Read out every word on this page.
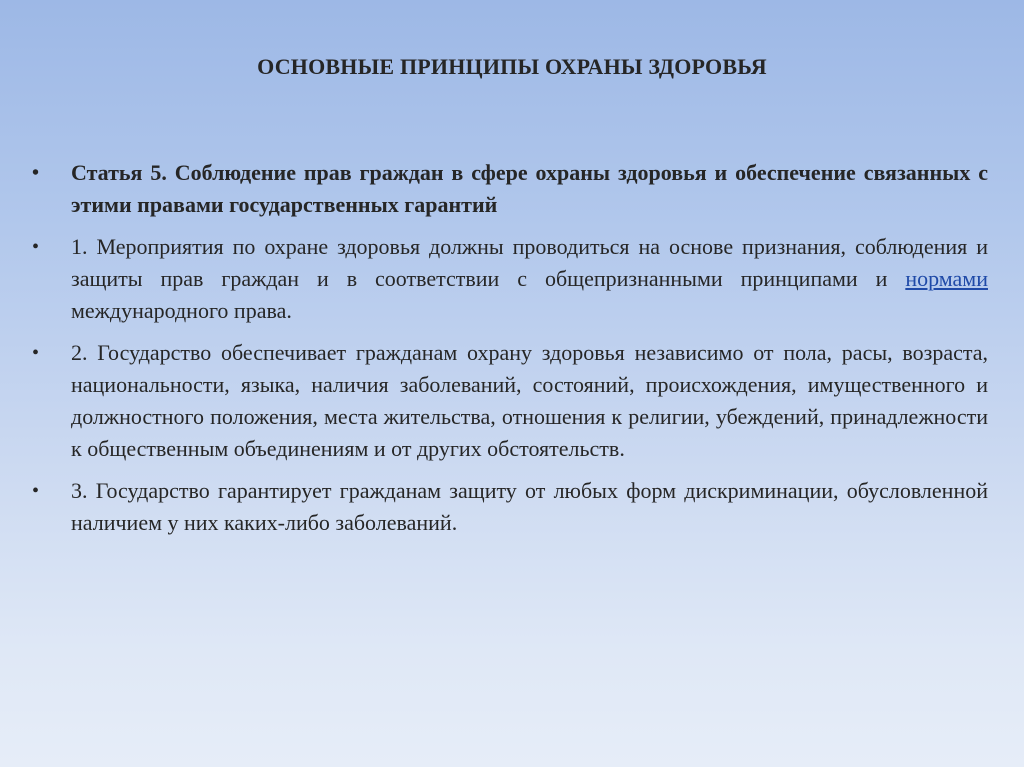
ОСНОВНЫЕ ПРИНЦИПЫ ОХРАНЫ ЗДОРОВЬЯ
•	Статья 5. Соблюдение прав граждан в сфере охраны здоровья и обеспечение связанных с этими правами государственных гарантий
•	1. Мероприятия по охране здоровья должны проводиться на основе признания, соблюдения и защиты прав граждан и в соответствии с общепризнанными принципами и нормами международного права.
•	2. Государство обеспечивает гражданам охрану здоровья независимо от пола, расы, возраста, национальности, языка, наличия заболеваний, состояний, происхождения, имущественного и должностного положения, места жительства, отношения к религии, убеждений, принадлежности к общественным объединениям и от других обстоятельств.
•	3. Государство гарантирует гражданам защиту от любых форм дискриминации, обусловленной наличием у них каких-либо заболеваний.
